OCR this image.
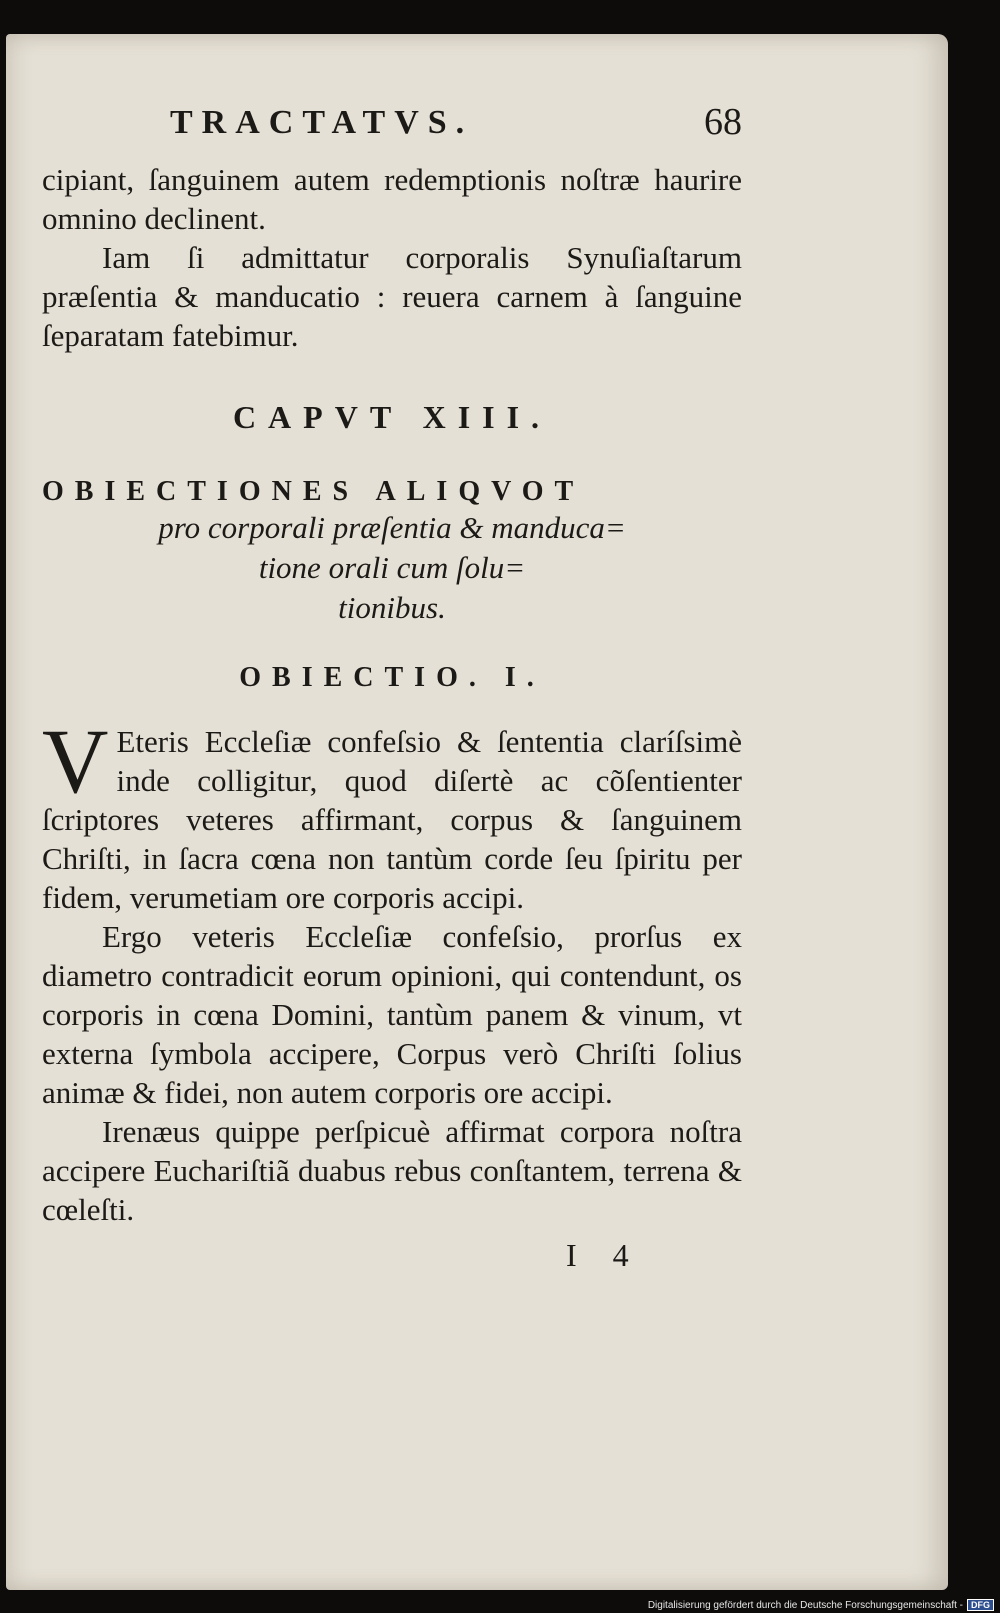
TRACTATVS.	68

cipiant, ſanguinem autem redemptionis noſtræ haurire omnino declinent.

Iam ſi admittatur corporalis Synuſiaſtarum præſentia & manducatio : reuera carnem à ſanguine ſeparatam fatebimur.

CAPVT XIII.
OBIECTIONES ALIQVOT
pro corporali præſentia & manduca=
tione orali cum ſolu=
tionibus.
OBIECTIO. I.
V Eteris Eccleſiæ confeſsio & ſententia claríſsimè inde colligitur, quod diſertè ac cõſentienter ſcriptores veteres affirmant, corpus & ſanguinem Chriſti, in ſacra cœna non tantùm corde ſeu ſpiritu per fidem, verumetiam ore corporis accipi.

Ergo veteris Eccleſiæ confeſsio, prorſus ex diametro contradicit eorum opinioni, qui contendunt, os corporis in cœna Domini, tantùm panem & vinum, vt externa ſymbola accipere, Corpus verò Chriſti ſolius animæ & fidei, non autem corporis ore accipi.

Irenæus quippe perſpicuè affirmat corpora noſtra accipere Euchariſtiã duabus rebus conſtantem, terrena & cœleſti.

I 4
Digitalisierung gefördert durch die Deutsche Forschungsgemeinschaft - DFG
